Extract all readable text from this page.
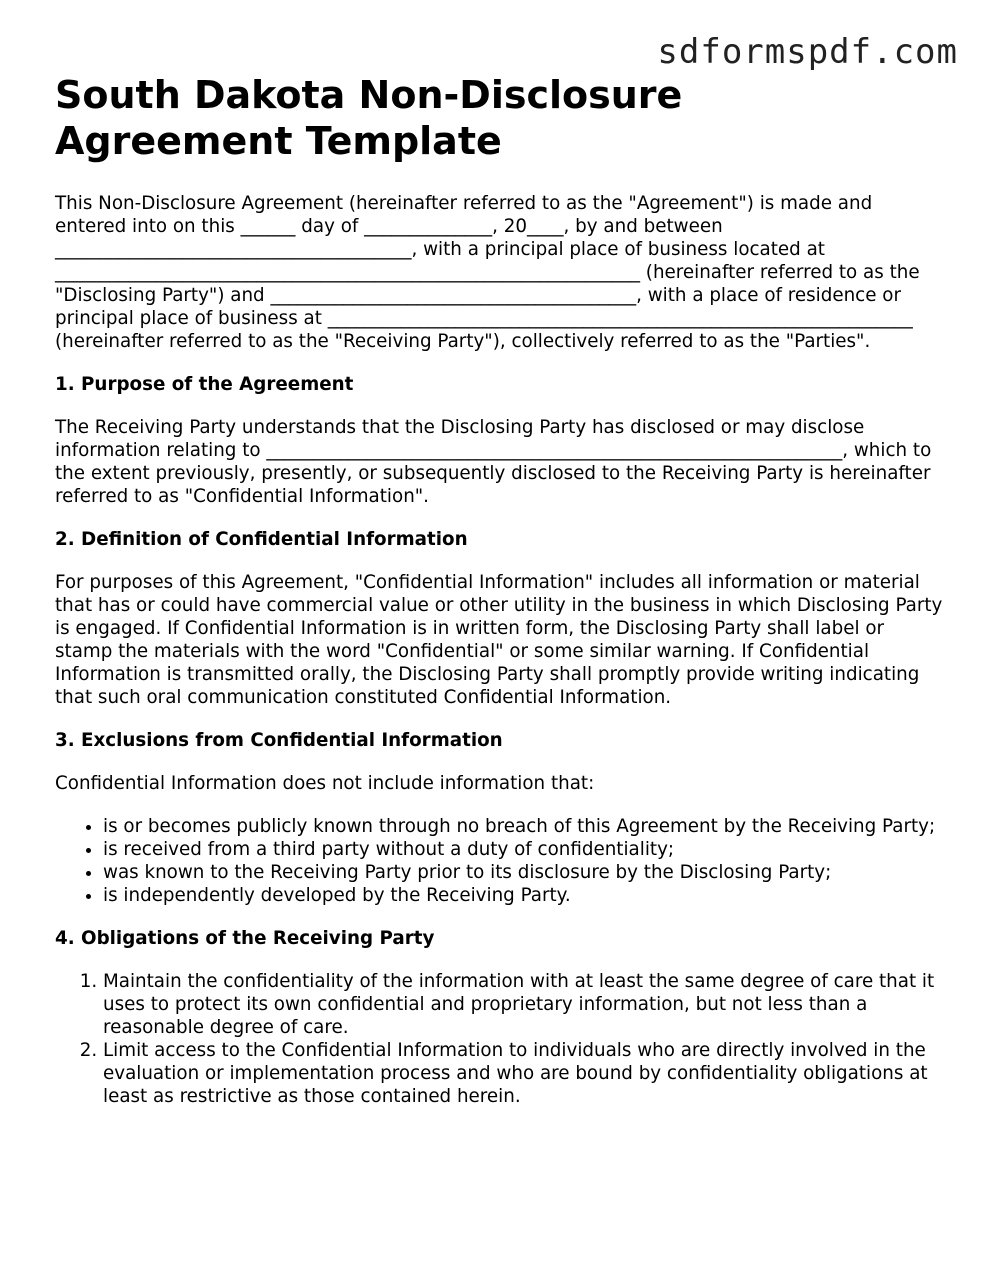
sdformspdf.com
South Dakota Non-Disclosure
Agreement Template

This Non-Disclosure Agreement (hereinafter referred to as the "Agreement") is made and entered into on this ______ day of ______________, 20____, by and between _______________________________________, with a principal place of business located at ________________________________________________________________ (hereinafter referred to as the "Disclosing Party") and ________________________________________, with a place of residence or principal place of business at ________________________________________________________________ (hereinafter referred to as the "Receiving Party"), collectively referred to as the "Parties".

1. Purpose of the Agreement

The Receiving Party understands that the Disclosing Party has disclosed or may disclose information relating to _______________________________________________________________, which to the extent previously, presently, or subsequently disclosed to the Receiving Party is hereinafter referred to as "Confidential Information".

2. Definition of Confidential Information

For purposes of this Agreement, "Confidential Information" includes all information or material that has or could have commercial value or other utility in the business in which Disclosing Party is engaged. If Confidential Information is in written form, the Disclosing Party shall label or stamp the materials with the word "Confidential" or some similar warning. If Confidential Information is transmitted orally, the Disclosing Party shall promptly provide writing indicating that such oral communication constituted Confidential Information.

3. Exclusions from Confidential Information

Confidential Information does not include information that:

• is or becomes publicly known through no breach of this Agreement by the Receiving Party;
• is received from a third party without a duty of confidentiality;
• was known to the Receiving Party prior to its disclosure by the Disclosing Party;
• is independently developed by the Receiving Party.
4. Obligations of the Receiving Party
1. Maintain the confidentiality of the information with at least the same degree of care that it uses to protect its own confidential and proprietary information, but not less than a reasonable degree of care.
2. Limit access to the Confidential Information to individuals who are directly involved in the evaluation or implementation process and who are bound by confidentiality obligations at least as restrictive as those contained herein.
